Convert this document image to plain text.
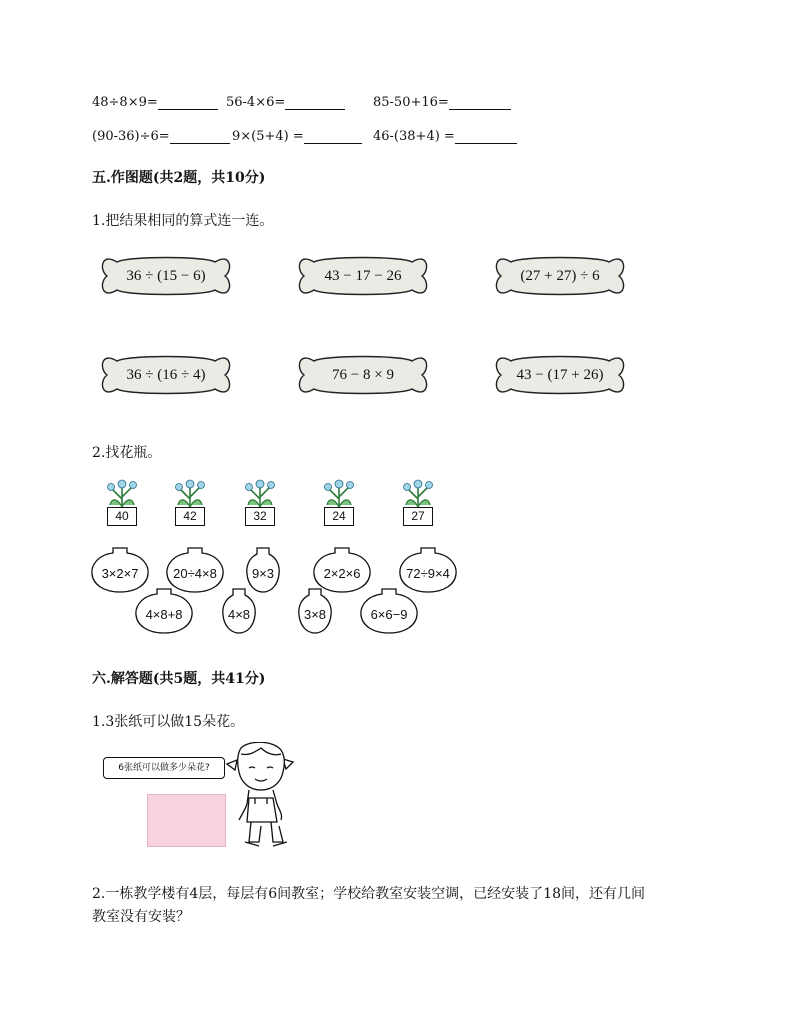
48÷8×9=	56-4×6=	85-50+16=
(90-36)÷6=	9×(5+4) =	46-(38+4) =
五.作图题(共2题，共10分)
1.把结果相同的算式连一连。
36 ÷ (15 − 6)	43 − 17 − 26	(27 + 27) ÷ 6
36 ÷ (16 ÷ 4)	76 − 8 × 9	43 − (17 + 26)
2.找花瓶。
40	42	32	24	27
3×2×7	20÷4×8	9×3	2×2×6	72÷9×4
4×8+8	4×8	3×8	6×6−9
六.解答题(共5题，共41分)
1.3张纸可以做15朵花。
6张纸可以做多少朵花?
2.一栋教学楼有4层，每层有6间教室；学校给教室安装空调，已经安装了18间，还有几间
教室没有安装？
